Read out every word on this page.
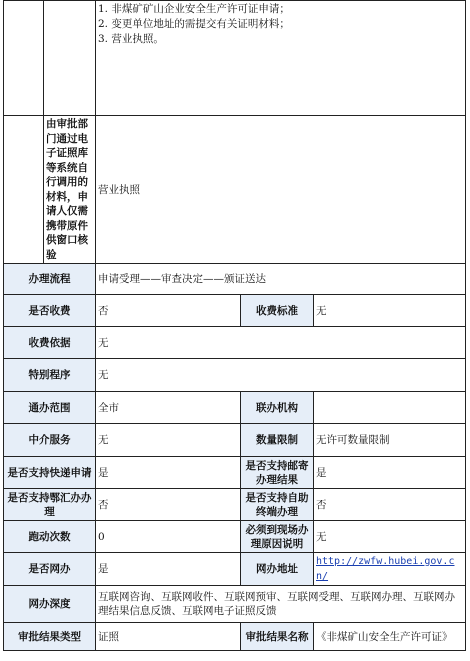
		1. 非煤矿矿山企业安全生产许可证申请；
2. 变更单位地址的需提交有关证明材料；
3. 营业执照。		

	由审批部门通过电子证照库等系统自行调用的材料，申请人仅需携带原件供窗口核验	营业执照		
办理流程		申请受理——审查决定——颁证送达		
是否收费		否	收费标准	无
收费依据		无		
特别程序		无		
通办范围		全市	联办机构	
中介服务		无	数量限制	无许可数量限制
是否支持快递申请		是	是否支持邮寄办理结果	是
是否支持鄂汇办办理		否	是否支持自助终端办理	否
跑动次数		0	必须到现场办理原因说明	无
是否网办		是	网办地址	http://zwfw.hubei.gov.cn/
网办深度		互联网咨询、互联网收件、互联网预审、互联网受理、互联网办理、互联网办理结果信息反馈、互联网电子证照反馈		
审批结果类型		证照	审批结果名称	《非煤矿山安全生产许可证》
